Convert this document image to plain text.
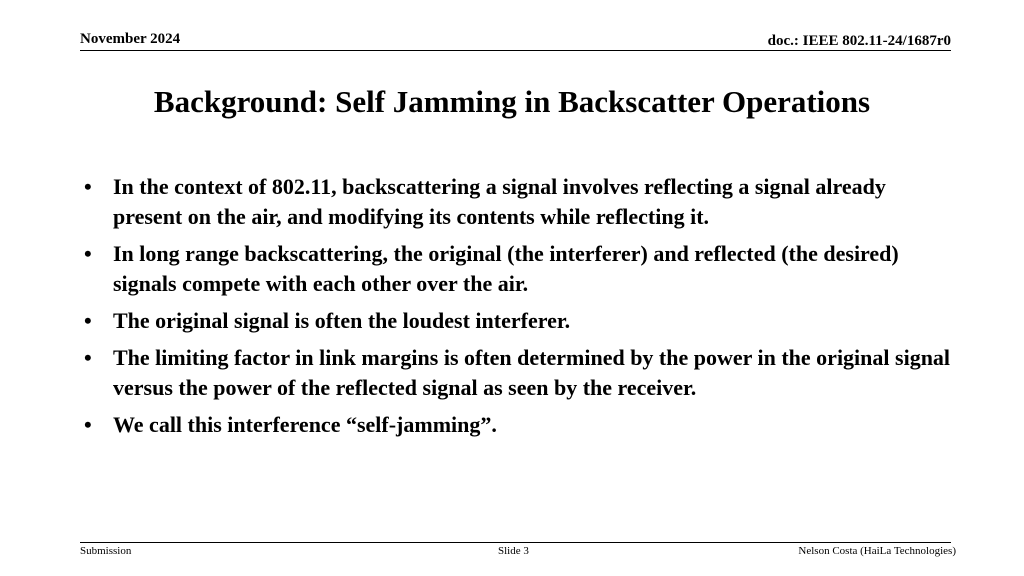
November 2024	doc.: IEEE 802.11-24/1687r0
Background: Self Jamming in Backscatter Operations
• In the context of 802.11, backscattering a signal involves reflecting a signal already present on the air, and modifying its contents while reflecting it.
• In long range backscattering, the original (the interferer) and reflected (the desired) signals compete with each other over the air.
• The original signal is often the loudest interferer.
• The limiting factor in link margins is often determined by the power in the original signal versus the power of the reflected signal as seen by the receiver.
• We call this interference “self-jamming”.
Submission	Slide 3	Nelson Costa (HaiLa Technologies)
